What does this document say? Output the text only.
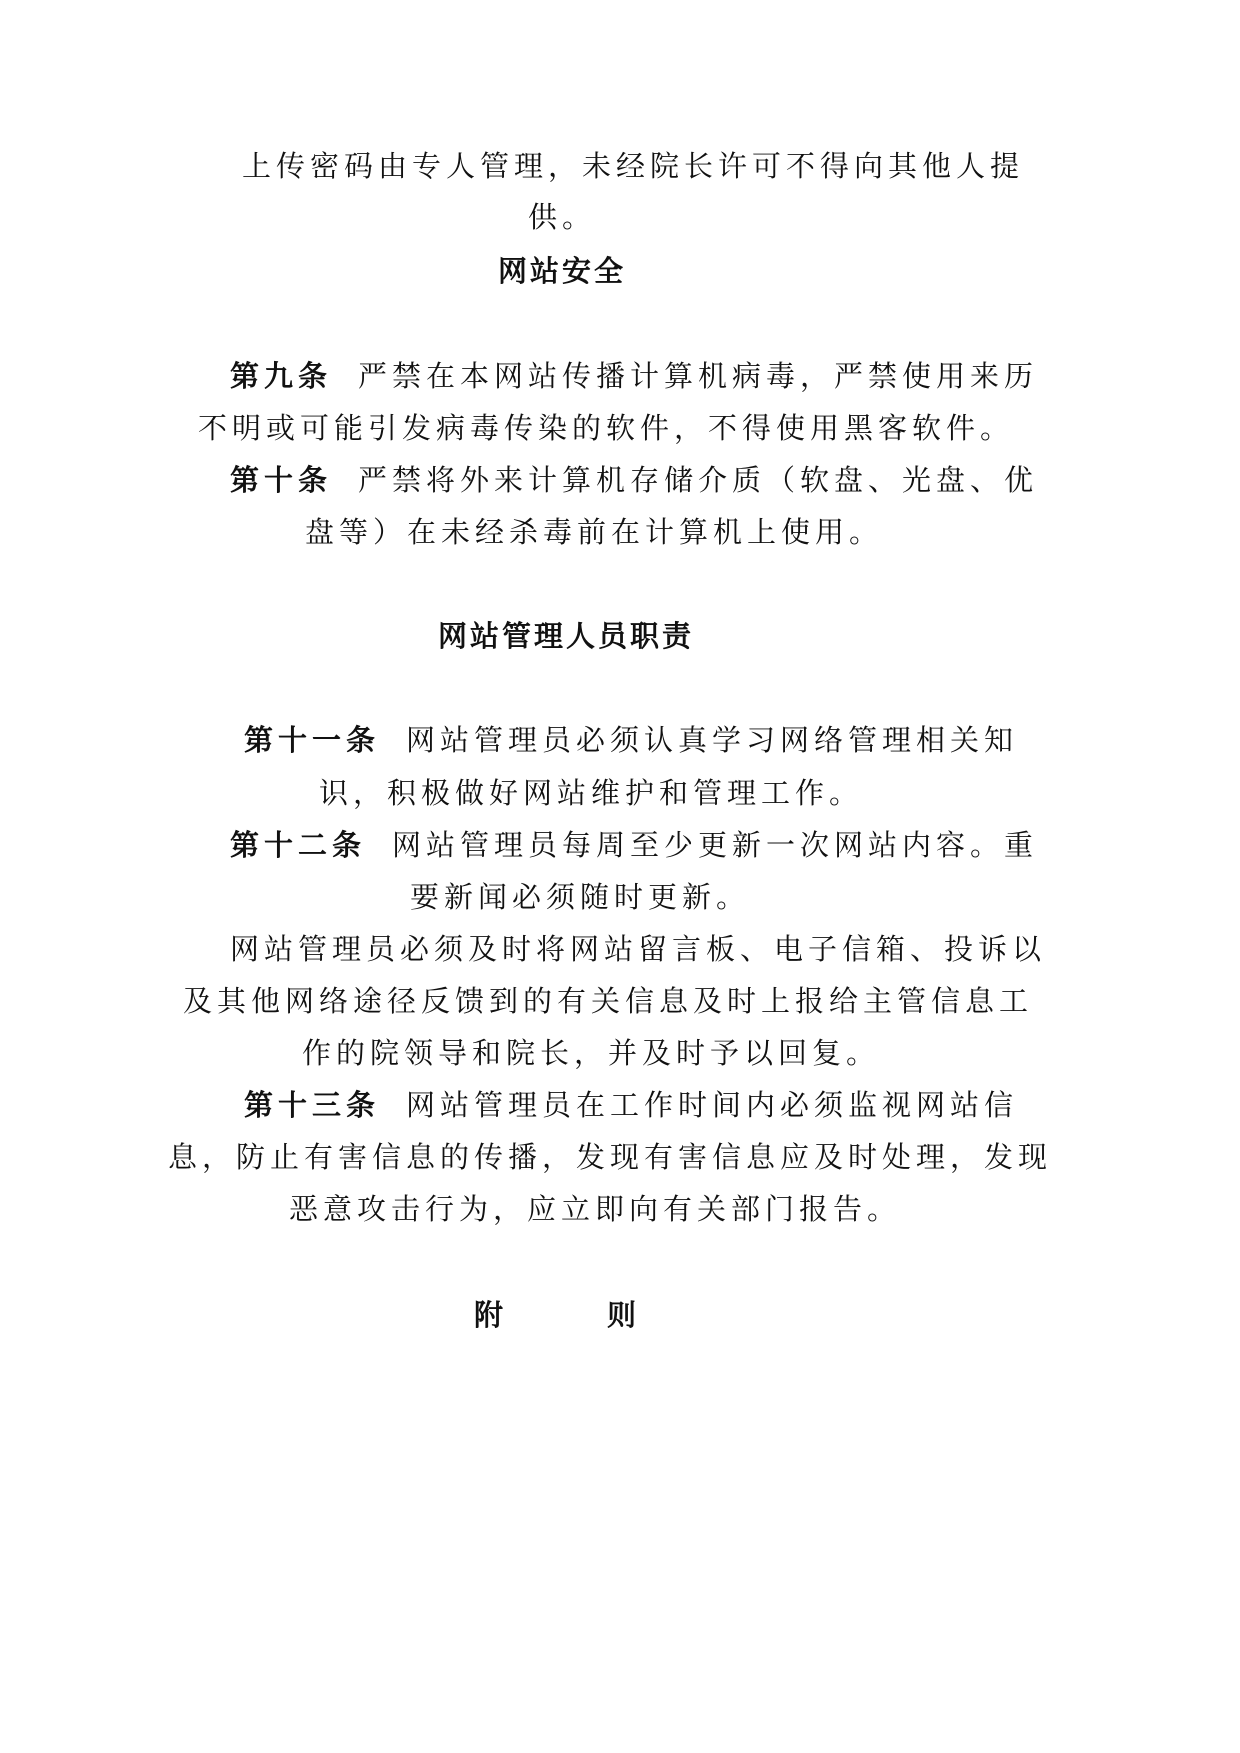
上传密码由专人管理，未经院长许可不得向其他人提
供。
网站安全
第九条 严禁在本网站传播计算机病毒，严禁使用来历
不明或可能引发病毒传染的软件，不得使用黑客软件。
第十条 严禁将外来计算机存储介质（软盘、光盘、优
盘等）在未经杀毒前在计算机上使用。
网站管理人员职责
第十一条 网站管理员必须认真学习网络管理相关知
识，积极做好网站维护和管理工作。
第十二条 网站管理员每周至少更新一次网站内容。重
要新闻必须随时更新。
网站管理员必须及时将网站留言板、电子信箱、投诉以
及其他网络途径反馈到的有关信息及时上报给主管信息工
作的院领导和院长，并及时予以回复。
第十三条 网站管理员在工作时间内必须监视网站信
息，防止有害信息的传播，发现有害信息应及时处理，发现
恶意攻击行为，应立即向有关部门报告。
附	则
